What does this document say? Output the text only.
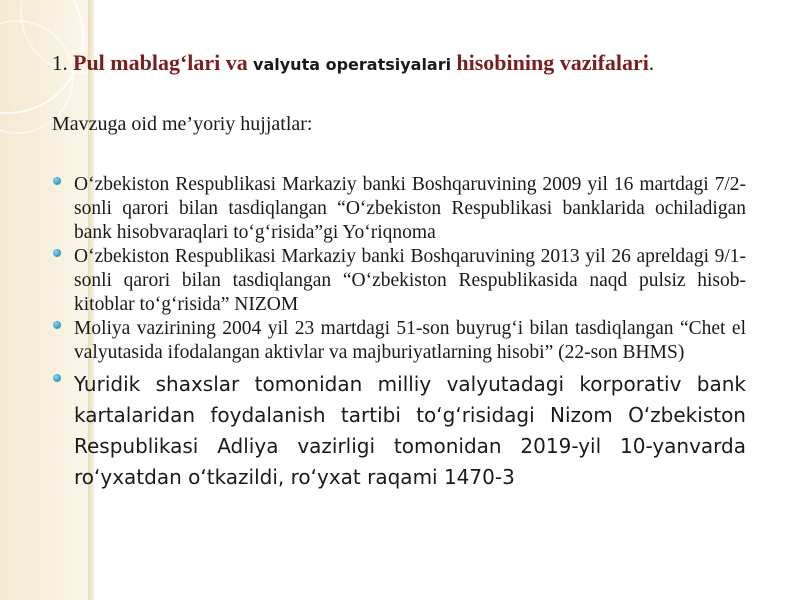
1. Pul mablag‘lari va valyuta operatsiyalari hisobining vazifalari.
Mavzuga oid me’yoriy hujjatlar:
O‘zbekiston Respublikasi Markaziy banki Boshqaruvining 2009 yil 16 martdagi 7/2-sonli qarori bilan tasdiqlangan “O‘zbekiston Respublikasi banklarida ochiladigan bank hisobvaraqlari to‘g‘risida”gi Yo‘riqnoma
O‘zbekiston Respublikasi Markaziy banki Boshqaruvining 2013 yil 26 apreldagi 9/1-sonli qarori bilan tasdiqlangan “O‘zbekiston Respublikasida naqd pulsiz hisob-kitoblar to‘g‘risida” NIZOM
Moliya vazirining 2004 yil 23 martdagi 51-son buyrug‘i bilan tasdiqlangan “Chet el valyutasida ifodalangan aktivlar va majburiyatlarning hisobi” (22-son BHMS)
Yuridik shaxslar tomonidan milliy valyutadagi korporativ bank kartalaridan foydalanish tartibi to‘g‘risidagi Nizom O‘zbekiston Respublikasi Adliya vazirligi tomonidan 2019-yil 10-yanvarda ro‘yxatdan o‘tkazildi, ro‘yxat raqami 1470-3
